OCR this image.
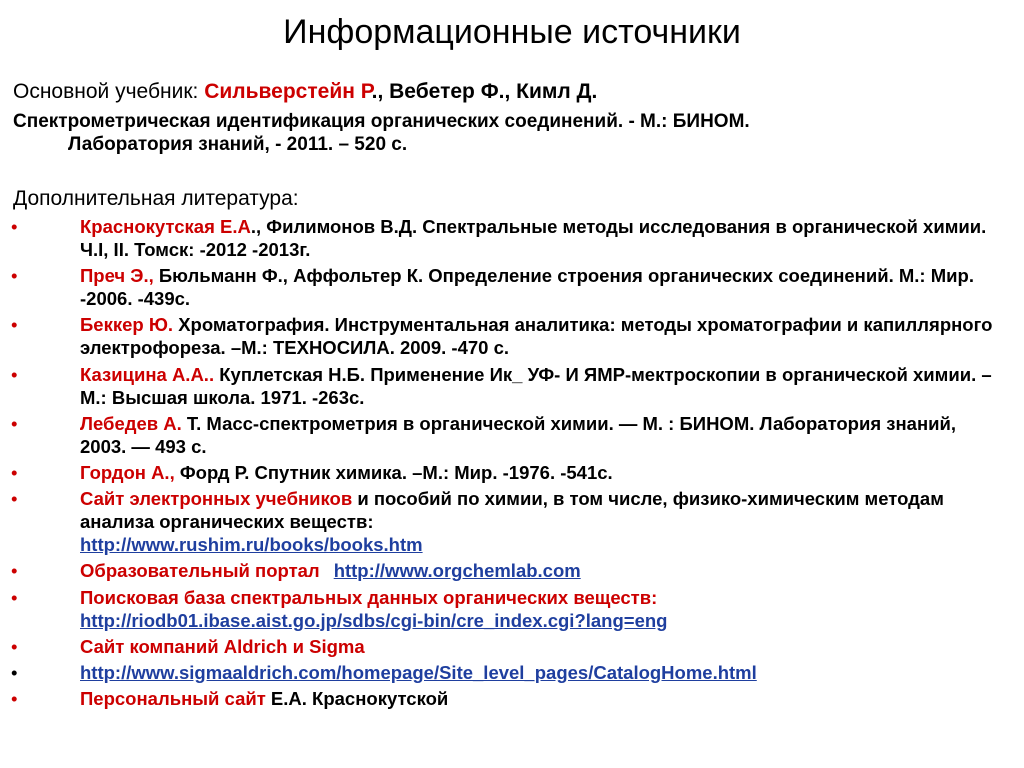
Информационные источники
Основной учебник: Сильверстейн Р., Вебетер Ф., Кимл Д.
Спектрометрическая идентификация органических соединений. - М.: БИНОМ.
Лаборатория знаний, - 2011. – 520 с.
Дополнительная литература:
•	Краснокутская Е.А., Филимонов В.Д. Спектральные методы исследования в органической химии. Ч.I, II. Томск: -2012 -2013г.
•	Преч Э., Бюльманн Ф., Аффольтер К. Определение строения органических соединений. М.: Мир. -2006. -439с.
•	Беккер Ю. Хроматография. Инструментальная аналитика: методы хроматографии и капиллярного электрофореза. –М.: ТЕХНОСИЛА. 2009. -470 с.
•	Казицина А.А.. Куплетская Н.Б. Применение Ик_ УФ- И ЯМР-мектроскопии в органической химии. –М.: Высшая школа. 1971. -263с.
•	Лебедев А. Т. Масс-спектрометрия в органической химии. — М. : БИНОМ. Лаборатория знаний, 2003. — 493 с.
•	Гордон А., Форд Р. Спутник химика. –М.: Мир. -1976. -541с.
•	Сайт электронных учебников и пособий по химии, в том числе, физико-химическим методам анализа органических веществ:
http://www.rushim.ru/books/books.htm
•	Образовательный портал http://www.orgchemlab.com
•	Поисковая база спектральных данных органических веществ:
http://riodb01.ibase.aist.go.jp/sdbs/cgi-bin/cre_index.cgi?lang=eng
•	Сайт компаний Aldrich и Sigma
•	http://www.sigmaaldrich.com/homepage/Site_level_pages/CatalogHome.html
•	Персональный сайт Е.А. Краснокутской
